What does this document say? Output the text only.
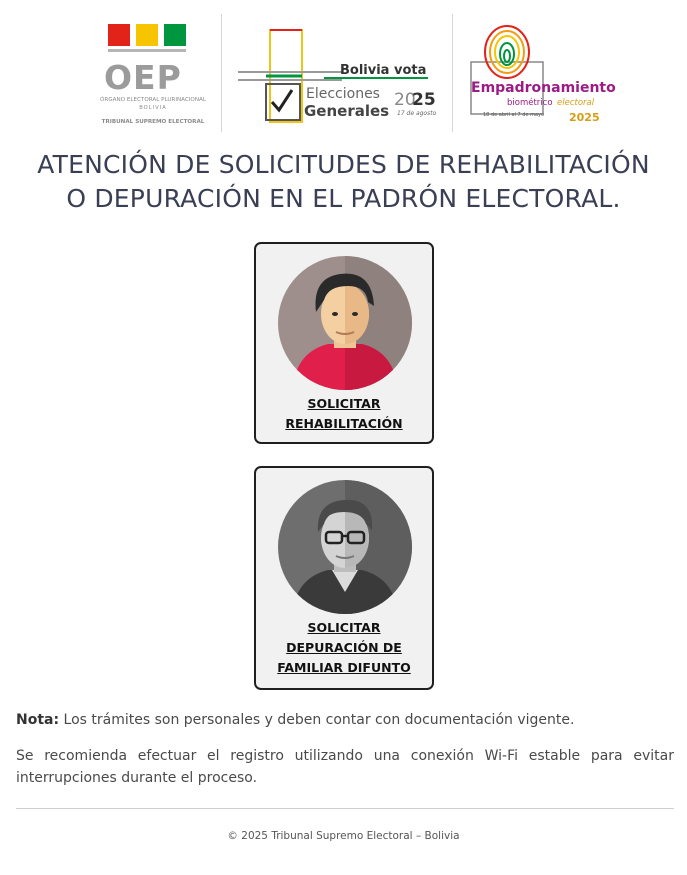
OEP
ÓRGANO ELECTORAL PLURINACIONAL
BOLIVIA
TRIBUNAL SUPREMO ELECTORAL
Bolivia vota
Elecciones
Generales
20
25
17 de agosto
Empadronamiento
biométrico electoral
18 de abril al 7 de mayo 2025
ATENCIÓN DE SOLICITUDES DE REHABILITACIÓN
O DEPURACIÓN EN EL PADRÓN ELECTORAL.
SOLICITAR
REHABILITACIÓN
SOLICITAR
DEPURACIÓN DE
FAMILIAR DIFUNTO
Nota: Los trámites son personales y deben contar con documentación vigente.
Se recomienda efectuar el registro utilizando una conexión Wi-Fi estable para evitar interrupciones durante el proceso.
© 2025 Tribunal Supremo Electoral – Bolivia
